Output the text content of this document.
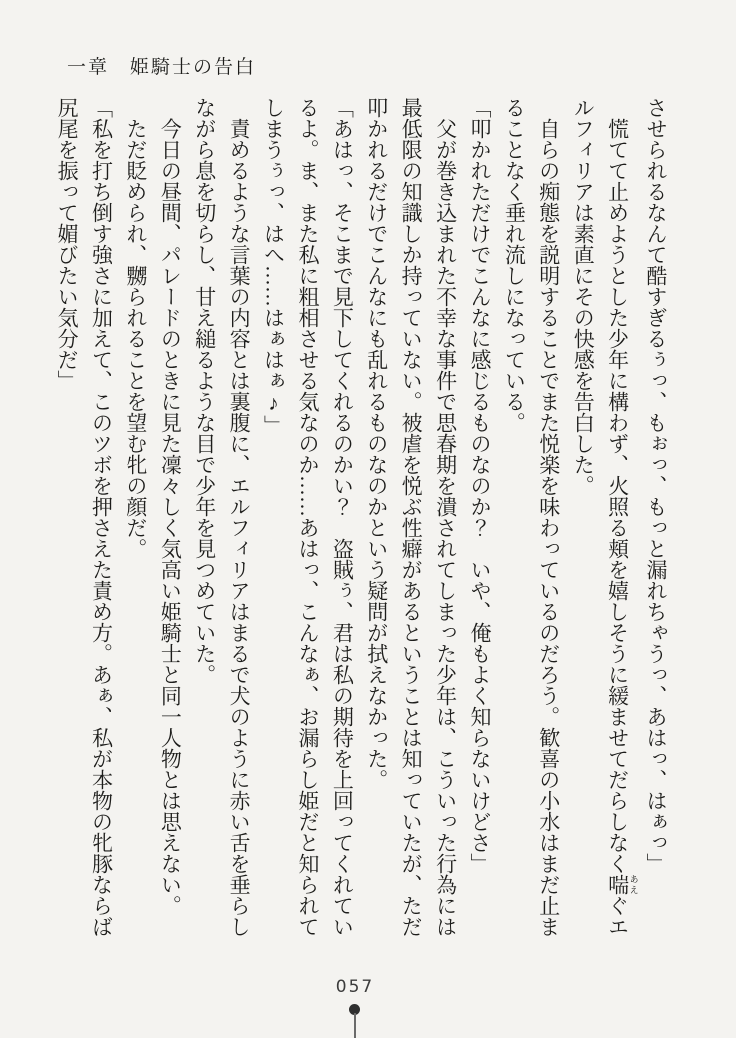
一章　姫騎士の告白

させられるなんて酷すぎるぅっ、もぉっ、もっと漏れちゃうっ、あはっ、はぁっ」

慌てて止めようとした少年に構わず、火照る頬を嬉しそうに緩ませてだらしなく喘 あえぐエルフィリアは素直にその快感を告白した。

自らの痴態を説明することでまた悦楽を味わっているのだろう。歓喜の小水はまだ止まることなく垂れ流しになっている。

「叩かれただけでこんなに感じるものなのか？　いや、俺もよく知らないけどさ」

父が巻き込まれた不幸な事件で思春期を潰されてしまった少年は、こういった行為には最低限の知識しか持っていない。被虐を悦ぶ性癖があるということは知っていたが、ただ叩かれるだけでこんなにも乱れるものなのかという疑問が拭えなかった。

「あはっ、そこまで見下してくれるのかい？　盗賊ぅ、君は私の期待を上回ってくれているよ。ま、また私に粗相させる気なのか……あはっ、こんなぁ、お漏らし姫だと知られてしまうぅっ、はへ……はぁはぁ♪」

責めるような言葉の内容とは裏腹に、エルフィリアはまるで犬のように赤い舌を垂らしながら息を切らし、甘え縋るような目で少年を見つめていた。

今日の昼間、パレードのときに見た凜々しく気高い姫騎士と同一人物とは思えない。

ただ貶められ、嬲られることを望む牝の顔だ。

「私を打ち倒す強さに加えて、このツボを押さえた責め方。あぁ、私が本物の牝豚ならば尻尾を振って媚びたい気分だ」

057
